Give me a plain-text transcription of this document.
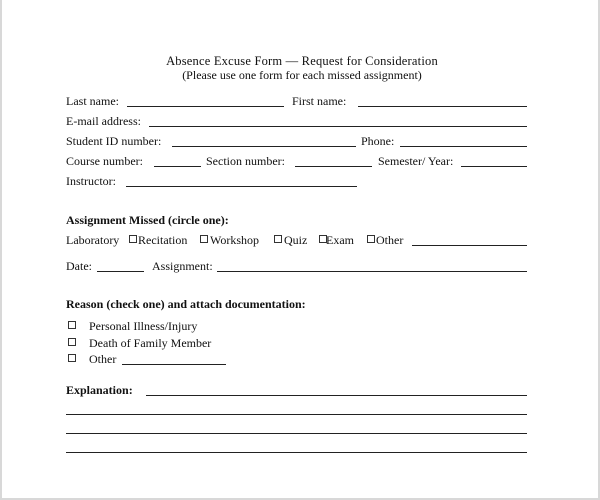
Absence Excuse Form — Request for Consideration
(Please use one form for each missed assignment)
Last name:	First name:
E-mail address:
Student ID number:	Phone:
Course number:	Section number:	Semester/ Year:
Instructor:
Assignment Missed (circle one):
Laboratory Recitation Workshop Quiz Exam Other
Date:	Assignment:
Reason (check one) and attach documentation:
Personal Illness/Injury
Death of Family Member
Other
Explanation:
